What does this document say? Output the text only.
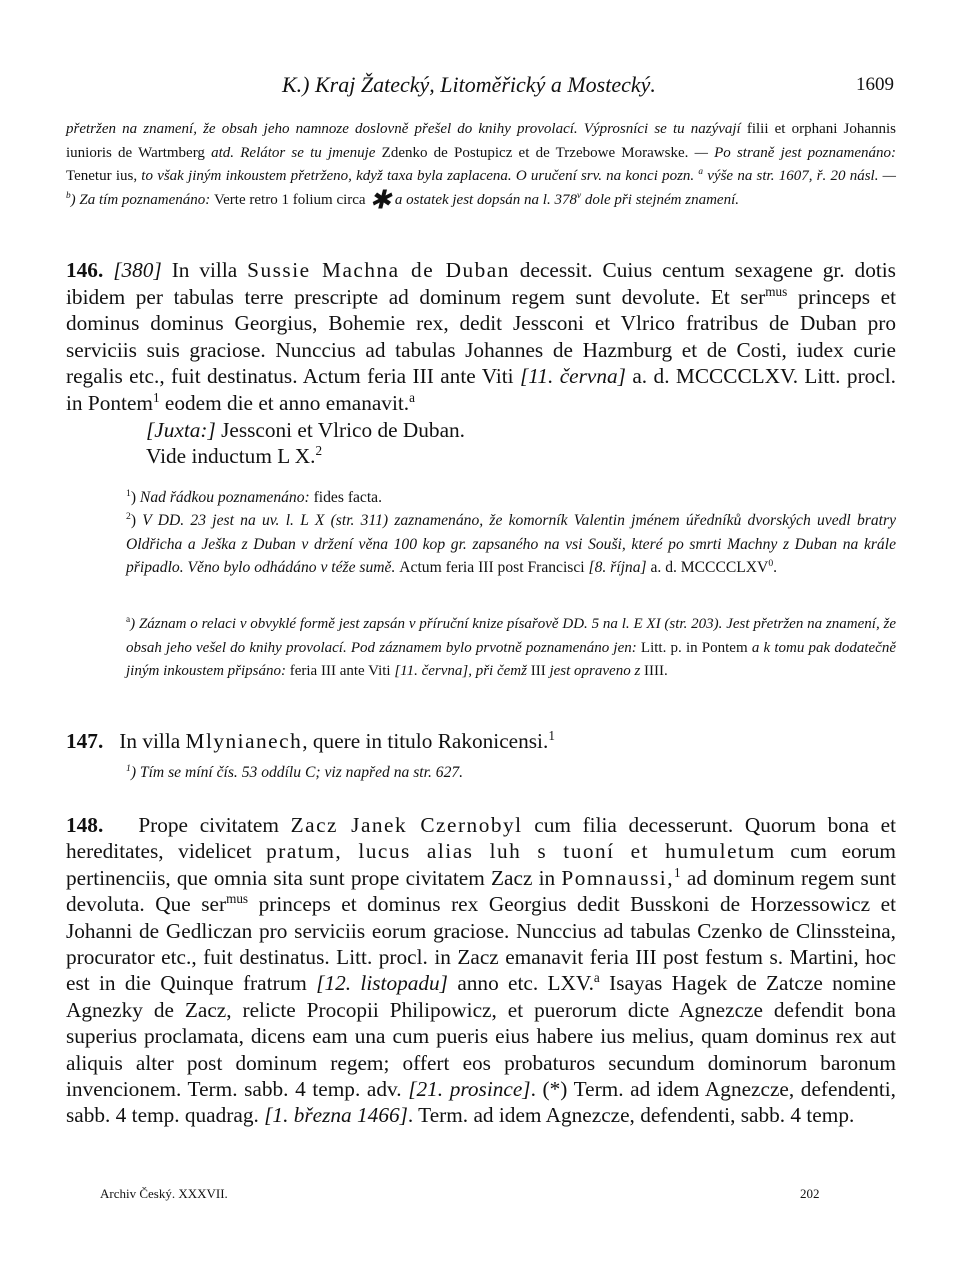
K.) Kraj Žatecký, Litoměřický a Mostecký.	1609
přetržen na znamení, že obsah jeho namnoze doslovně přešel do knihy provolací. Výprosníci se tu nazývají filii et orphani Johannis iunioris de Wartmberg atd. Relátor se tu jmenuje Zdenko de Postupicz et de Trzebowe Morawske. — Po straně jest poznamenáno: Tenetur ius, to však jiným inkoustem přetrženo, když taxa byla zaplacena. O uručení srv. na konci pozn. $^a$ výše na str. 1607, ř. 20 násl. — $^b$) Za tím poznamenáno: Verte retro 1 folium circa ✱ a ostatek jest dopsán na l. 378$^v$ dole při stejném znamení.
146. [380] In villa Sussie Machna de Duban decessit. Cuius centum sexagene gr. dotis ibidem per tabulas terre prescripte ad dominum regem sunt devolute. Et ser$^{mus}$ princeps et dominus dominus Georgius, Bohemie rex, dedit Jessconi et Vlrico fratribus de Duban pro serviciis suis graciose. Nunccius ad tabulas Johannes de Hazmburg et de Costi, iudex curie regalis etc., fuit destinatus. Actum feria III ante Viti [11. června] a. d. MCCCCLXV. Litt. procl. in Pontem$^1$ eodem die et anno emanavit.$^a$
[Juxta:] Jessconi et Vlrico de Duban.
Vide inductum L X.$^2$

$^1$) Nad řádkou poznamenáno: fides facta.

$^2$) V DD. 23 jest na uv. l. L X (str. 311) zaznamenáno, že komorník Valentin jménem úředníků dvorských uvedl bratry Oldřicha a Ješka z Duban v držení věna 100 kop gr. zapsaného na vsi Souši, které po smrti Machny z Duban na krále připadlo. Věno bylo odhádáno v téže sumě. Actum feria III post Francisci [8. října] a. d. MCCCCLXV$^0$.

$^a$) Záznam o relaci v obvyklé formě jest zapsán v příruční knize písařově DD. 5 na l. E XI (str. 203). Jest přetržen na znamení, že obsah jeho vešel do knihy provolací. Pod záznamem bylo prvotně poznamenáno jen: Litt. p. in Pontem a k tomu pak dodatečně jiným inkoustem připsáno: feria III ante Viti [11. června], při čemž III jest opraveno z IIII.

147. In villa Mlynianech, quere in titulo Rakonicensi.$^1$
$^1$) Tím se míní čís. 53 oddílu C; viz napřed na str. 627.
148. Prope civitatem Zacz Janek Czernobyl cum filia decesserunt. Quorum bona et hereditates, videlicet pratum, lucus alias luh s tuoní et humuletum cum eorum pertinenciis, que omnia sita sunt prope civitatem Zacz in Pomnaussi,$^1$ ad dominum regem sunt devoluta. Que ser$^{mus}$ princeps et dominus rex Georgius dedit Busskoni de Horzessowicz et Johanni de Gedliczan pro serviciis eorum graciose. Nunccius ad tabulas Czenko de Clinssteina, procurator etc., fuit destinatus. Litt. procl. in Zacz emanavit feria III post festum s. Martini, hoc est in die Quinque fratrum [12. listopadu] anno etc. LXV.$^a$ Isayas Hagek de Zatcze nomine Agnezky de Zacz, relicte Procopii Philipowicz, et puerorum dicte Agnezcze defendit bona superius proclamata, dicens eam una cum pueris eius habere ius melius, quam dominus rex aut aliquis alter post dominum regem; offert eos probaturos secundum dominorum baronum invencionem. Term. sabb. 4 temp. adv. [21. prosince]. (*) Term. ad idem Agnezcze, defendenti, sabb. 4 temp. quadrag. [1. března 1466]. Term. ad idem Agnezcze, defendenti, sabb. 4 temp.
Archiv Český. XXXVII.	202
